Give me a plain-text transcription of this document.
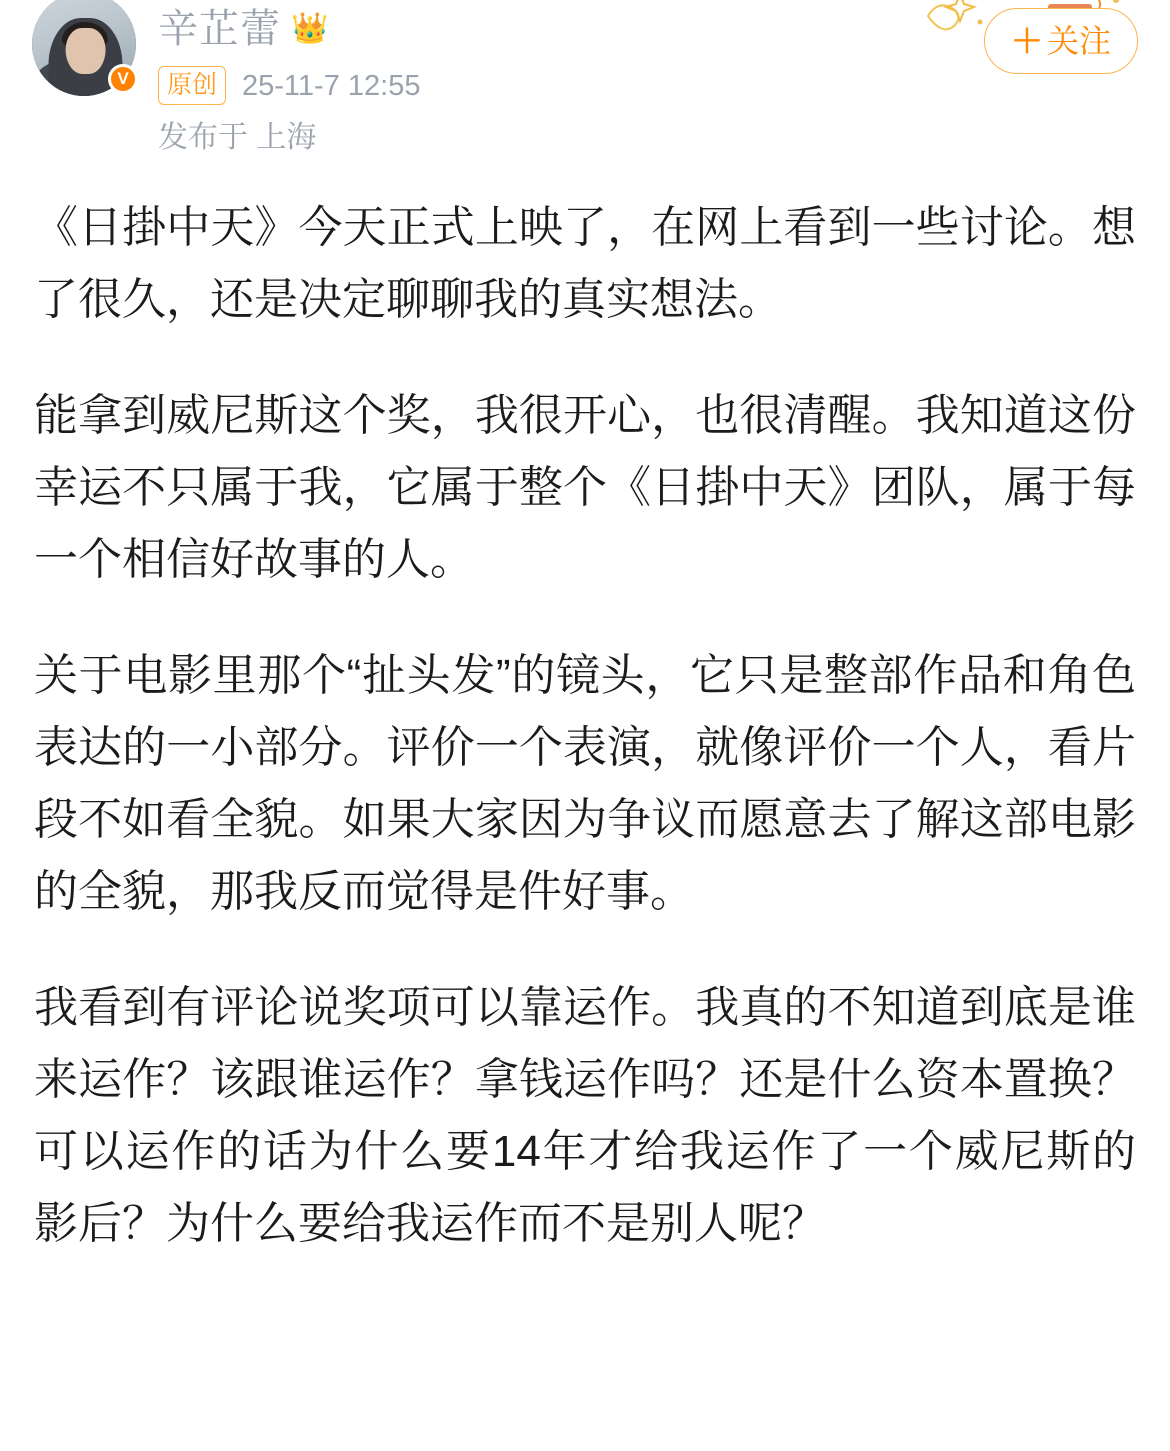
V
辛芷蕾 👑
原创 25-11-7 12:55
发布于 上海
＋ 关注

《日掛中天》今天正式上映了，在网上看到一些讨论。想了很久，还是决定聊聊我的真实想法。

能拿到威尼斯这个奖，我很开心，也很清醒。我知道这份幸运不只属于我，它属于整个《日掛中天》团队，属于每一个相信好故事的人。

关于电影里那个“扯头发”的镜头，它只是整部作品和角色表达的一小部分。评价一个表演，就像评价一个人，看片段不如看全貌。如果大家因为争议而愿意去了解这部电影的全貌，那我反而觉得是件好事。

我看到有评论说奖项可以靠运作。我真的不知道到底是谁来运作？该跟谁运作？拿钱运作吗？还是什么资本置换？可以运作的话为什么要14年才给我运作了一个威尼斯的影后？为什么要给我运作而不是别人呢？
